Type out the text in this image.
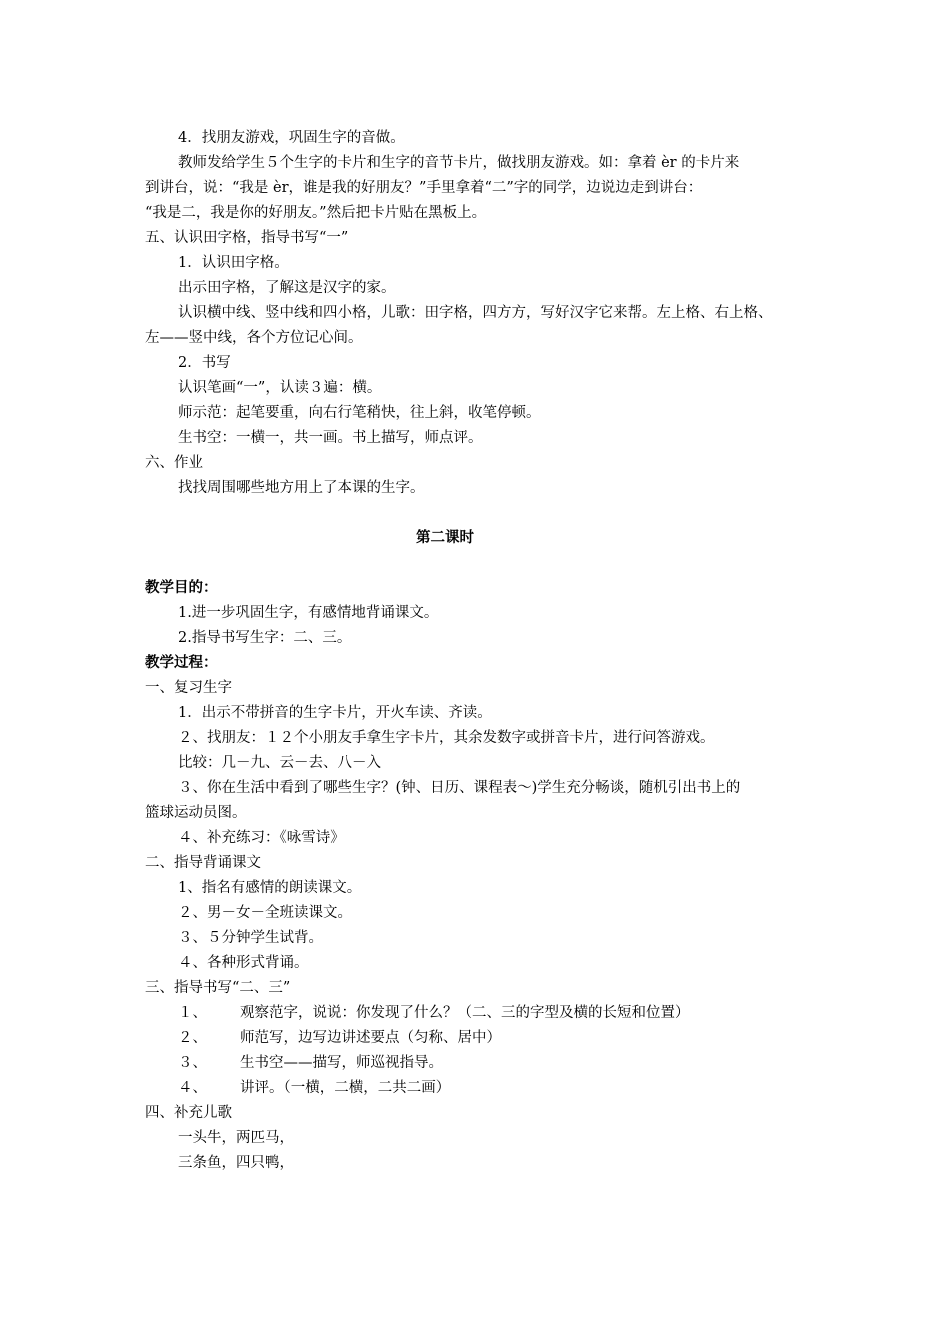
4．找朋友游戏，巩固生字的音做。
教师发给学生５个生字的卡片和生字的音节卡片，做找朋友游戏。如：拿着 èr 的卡片来
到讲台，说：“我是 èr，谁是我的好朋友？”手里拿着“二”字的同学，边说边走到讲台：
“我是二，我是你的好朋友。”然后把卡片贴在黑板上。
五、认识田字格，指导书写“一”
1．认识田字格。
出示田字格，了解这是汉字的家。
认识横中线、竖中线和四小格，儿歌：田字格，四方方，写好汉字它来帮。左上格、右上格、
左——竖中线，各个方位记心间。
2．书写
认识笔画“一”，认读３遍：横。
师示范：起笔要重，向右行笔稍快，往上斜，收笔停顿。
生书空：一横一，共一画。书上描写，师点评。
六、作业
找找周围哪些地方用上了本课的生字。
第二课时
教学目的：
1.进一步巩固生字，有感情地背诵课文。
2.指导书写生字：二、三。
教学过程：
一、复习生字
1．出示不带拼音的生字卡片，开火车读、齐读。
２、找朋友：１２个小朋友手拿生字卡片，其余发数字或拼音卡片，进行问答游戏。
比较：几－九、云－去、八－入
３、你在生活中看到了哪些生字？(钟、日历、课程表～)学生充分畅谈，随机引出书上的
篮球运动员图。
４、补充练习：《咏雪诗》
二、指导背诵课文
1、指名有感情的朗读课文。
２、男－女－全班读课文。
３、５分钟学生试背。
４、各种形式背诵。
三、指导书写“二、三”
１、 观察范字，说说：你发现了什么？（二、三的字型及横的长短和位置）
２、 师范写，边写边讲述要点（匀称、居中）
３、 生书空——描写，师巡视指导。
４、 讲评。（一横，二横，二共二画）
四、补充儿歌
一头牛，两匹马，
三条鱼，四只鸭，
